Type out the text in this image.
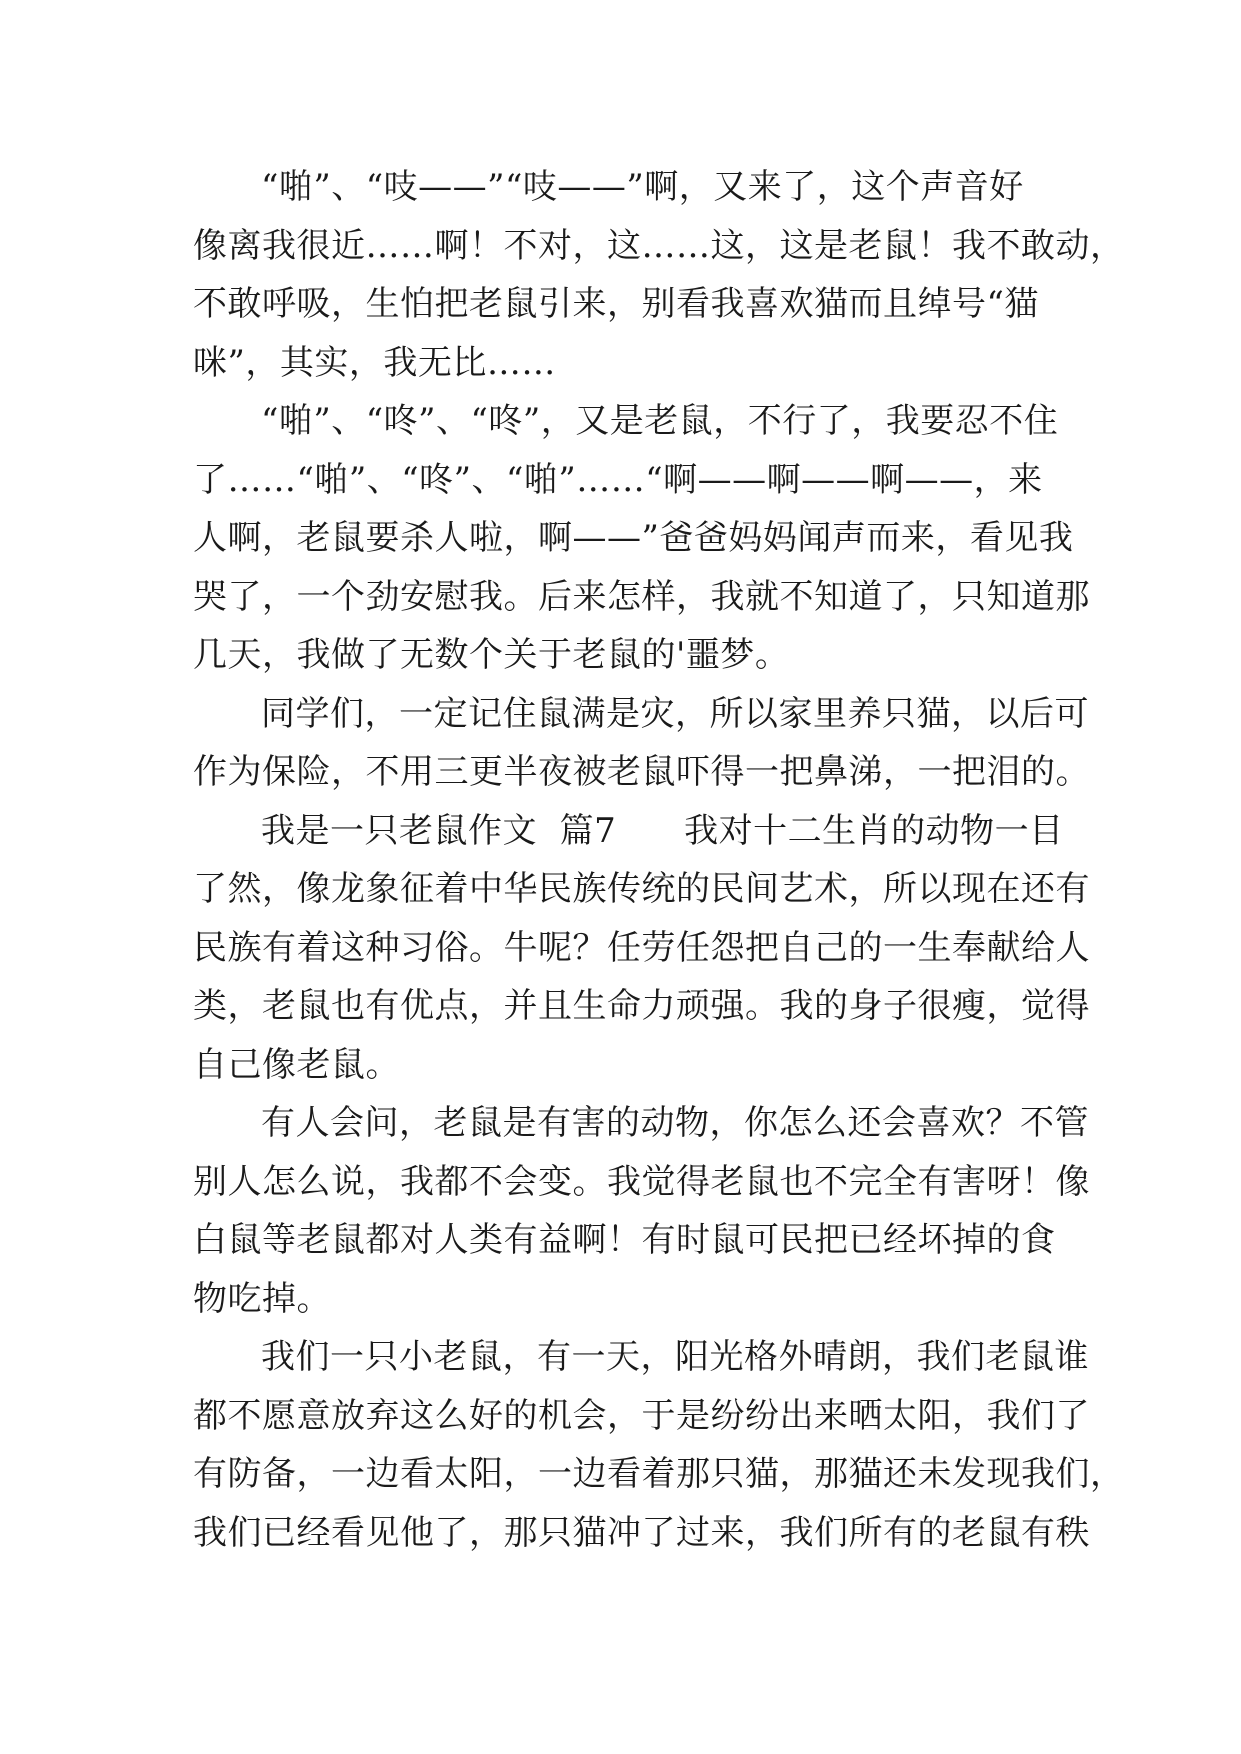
“啪”、“吱——”“吱——”啊，又来了，这个声音好
像离我很近……啊！不对，这……这，这是老鼠！我不敢动，
不敢呼吸，生怕把老鼠引来，别看我喜欢猫而且绰号“猫
咪”，其实，我无比……
“啪”、“咚”、“咚”，又是老鼠，不行了，我要忍不住
了……“啪”、“咚”、“啪”……“啊——啊——啊——，来
人啊，老鼠要杀人啦，啊——”爸爸妈妈闻声而来，看见我
哭了，一个劲安慰我。后来怎样，我就不知道了，只知道那
几天，我做了无数个关于老鼠的'噩梦。
同学们，一定记住鼠满是灾，所以家里养只猫，以后可
作为保险，不用三更半夜被老鼠吓得一把鼻涕，一把泪的。
我是一只老鼠作文  篇7      我对十二生肖的动物一目
了然，像龙象征着中华民族传统的民间艺术，所以现在还有
民族有着这种习俗。牛呢？任劳任怨把自己的一生奉献给人
类，老鼠也有优点，并且生命力顽强。我的身子很瘦，觉得
自己像老鼠。
有人会问，老鼠是有害的动物，你怎么还会喜欢？不管
别人怎么说，我都不会变。我觉得老鼠也不完全有害呀！像
白鼠等老鼠都对人类有益啊！有时鼠可民把已经坏掉的食
物吃掉。
我们一只小老鼠，有一天，阳光格外晴朗，我们老鼠谁
都不愿意放弃这么好的机会，于是纷纷出来晒太阳，我们了
有防备，一边看太阳，一边看着那只猫，那猫还未发现我们，
我们已经看见他了，那只猫冲了过来，我们所有的老鼠有秩
